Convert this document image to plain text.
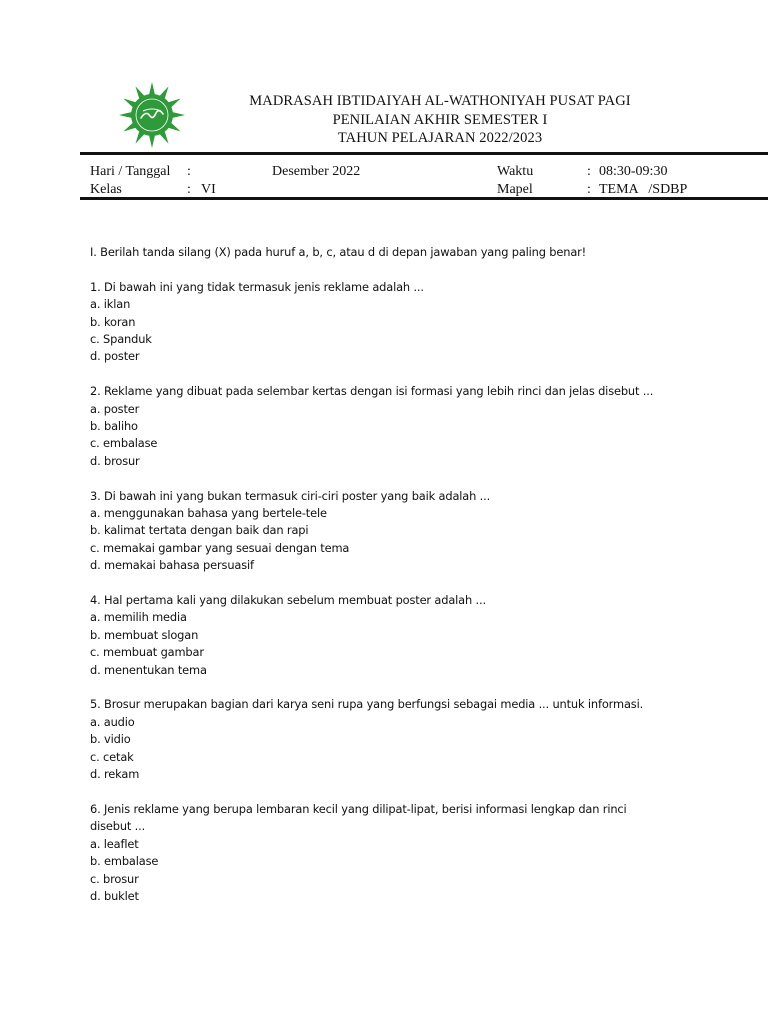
MADRASAH IBTIDAIYAH AL-WATHONIYAH PUSAT PAGI
PENILAIAN AKHIR SEMESTER I
TAHUN PELAJARAN 2022/2023
Hari / Tanggal :	Desember 2022	Waktu	: 08:30-09:30
Kelas	: VI	Mapel	: TEMA   /SDBP
I. Berilah tanda silang (X) pada huruf a, b, c, atau d di depan jawaban yang paling benar!
1. Di bawah ini yang tidak termasuk jenis reklame adalah ...
a. iklan
b. koran
c. Spanduk
d. poster
2. Reklame yang dibuat pada selembar kertas dengan isi formasi yang lebih rinci dan jelas disebut ...
a. poster
b. baliho
c. embalase
d. brosur
3. Di bawah ini yang bukan termasuk ciri-ciri poster yang baik adalah ...
a. menggunakan bahasa yang bertele-tele
b. kalimat tertata dengan baik dan rapi
c. memakai gambar yang sesuai dengan tema
d. memakai bahasa persuasif
4. Hal pertama kali yang dilakukan sebelum membuat poster adalah ...
a. memilih media
b. membuat slogan
c. membuat gambar
d. menentukan tema
5. Brosur merupakan bagian dari karya seni rupa yang berfungsi sebagai media ... untuk informasi.
a. audio
b. vidio
c. cetak
d. rekam
6. Jenis reklame yang berupa lembaran kecil yang dilipat-lipat, berisi informasi lengkap dan rinci
disebut ...
a. leaflet
b. embalase
c. brosur
d. buklet
